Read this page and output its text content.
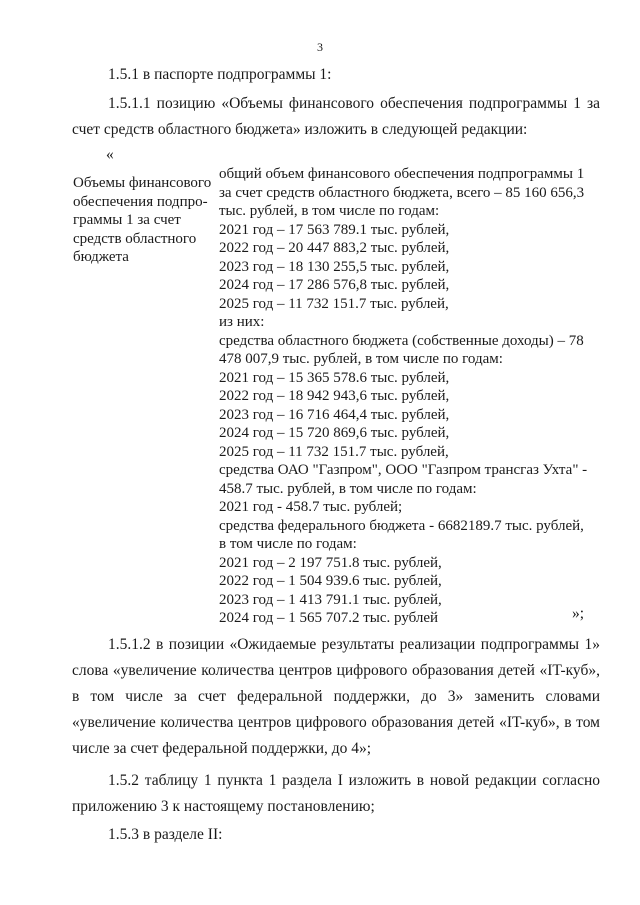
3

1.5.1 в паспорте подпрограммы 1:

1.5.1.1 позицию «Объемы финансового обеспечения подпрограммы 1 за счет средств областного бюджета» изложить в следующей редакции:

«
Объемы финансового
обеспечения подпро-
граммы 1 за счет
средств областного
бюджета
общий объем финансового обеспечения подпрограммы 1
за счет средств областного бюджета, всего – 85 160 656,3
тыс. рублей, в том числе по годам:
2021 год – 17 563 789.1 тыс. рублей,
2022 год – 20 447 883,2 тыс. рублей,
2023 год – 18 130 255,5 тыс. рублей,
2024 год – 17 286 576,8 тыс. рублей,
2025 год – 11 732 151.7 тыс. рублей,
из них:
средства областного бюджета (собственные доходы) – 78
478 007,9 тыс. рублей, в том числе по годам:
2021 год – 15 365 578.6 тыс. рублей,
2022 год – 18 942 943,6 тыс. рублей,
2023 год – 16 716 464,4 тыс. рублей,
2024 год – 15 720 869,6 тыс. рублей,
2025 год – 11 732 151.7 тыс. рублей,
средства ОАО "Газпром", ООО "Газпром трансгаз Ухта" -
458.7 тыс. рублей, в том числе по годам:
2021 год - 458.7 тыс. рублей;
средства федерального бюджета - 6682189.7 тыс. рублей,
в том числе по годам:
2021 год – 2 197 751.8 тыс. рублей,
2022 год – 1 504 939.6 тыс. рублей,
2023 год – 1 413 791.1 тыс. рублей,
2024 год – 1 565 707.2 тыс. рублей	»;

1.5.1.2 в позиции «Ожидаемые результаты реализации подпрограммы 1» слова «увеличение количества центров цифрового образования детей «IT-куб», в том числе за счет федеральной поддержки, до 3» заменить словами «увеличение количества центров цифрового образования детей «IT-куб», в том числе за счет федеральной поддержки, до 4»;

1.5.2 таблицу 1 пункта 1 раздела I изложить в новой редакции согласно приложению 3 к настоящему постановлению;

1.5.3 в разделе II:
